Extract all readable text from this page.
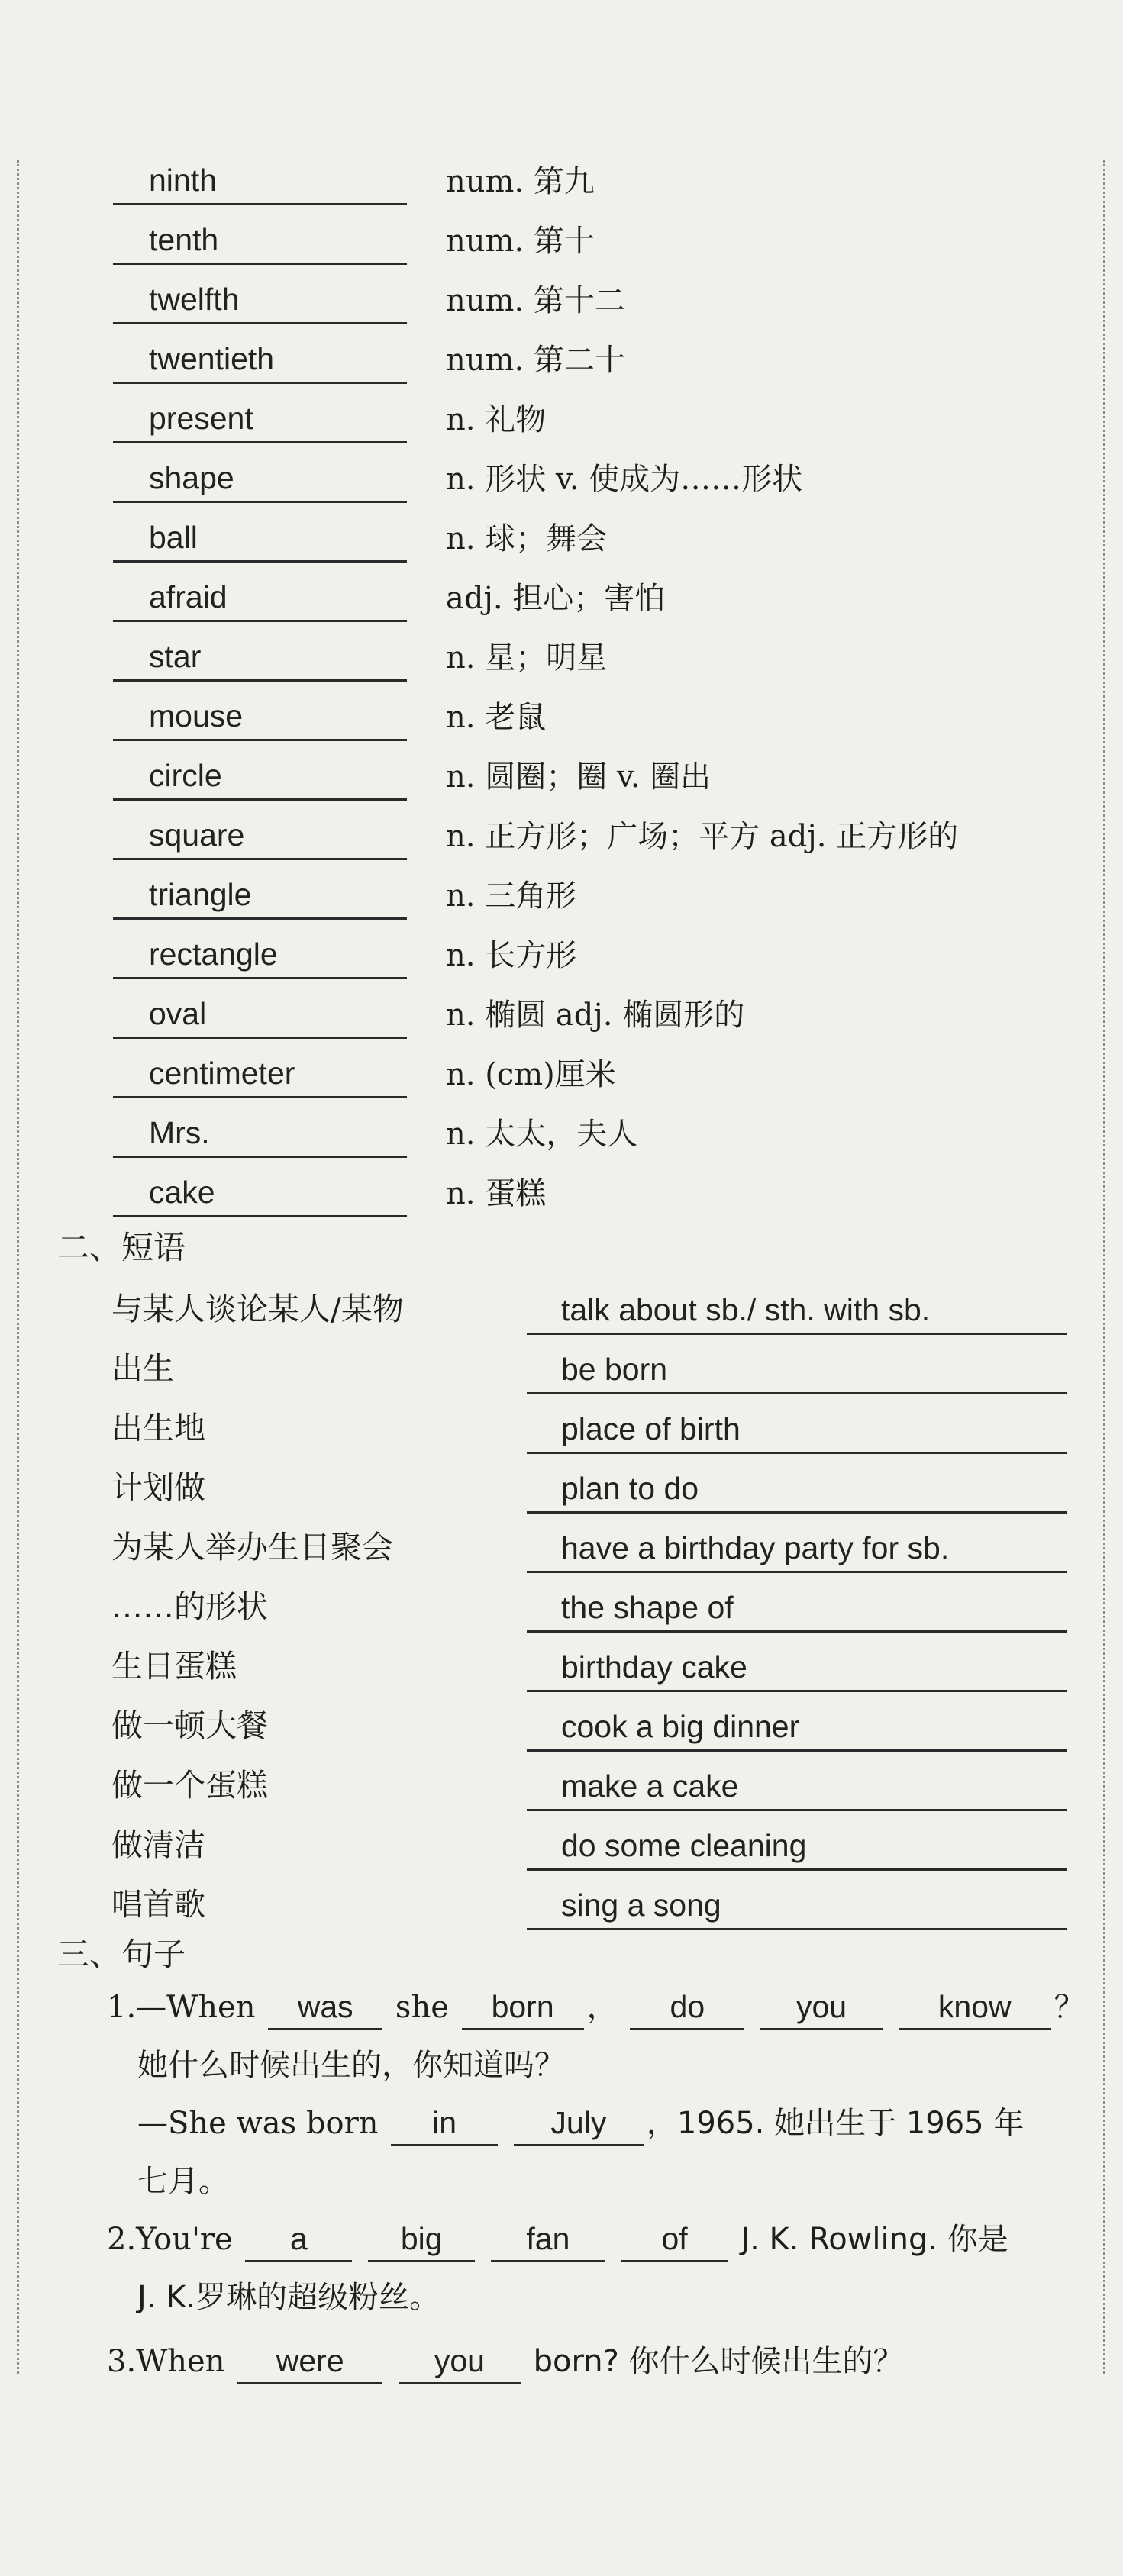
ninth	num. 第九
tenth	num. 第十
twelfth	num. 第十二
twentieth	num. 第二十
present	n. 礼物
shape	n. 形状 v. 使成为……形状
ball	n. 球；舞会
afraid	adj. 担心；害怕
star	n. 星；明星
mouse	n. 老鼠
circle	n. 圆圈；圈 v. 圈出
square	n. 正方形；广场；平方 adj. 正方形的
triangle	n. 三角形
rectangle	n. 长方形
oval	n. 椭圆 adj. 椭圆形的
centimeter	n. (cm)厘米
Mrs.	n. 太太，夫人
cake	n. 蛋糕
二、短语
与某人谈论某人/某物	talk about sb./ sth. with sb.
出生	be born
出生地	place of birth
计划做	plan to do
为某人举办生日聚会	have a birthday party for sb.
……的形状	the shape of
生日蛋糕	birthday cake
做一顿大餐	cook a big dinner
做一个蛋糕	make a cake
做清洁	do some cleaning
唱首歌	sing a song
三、句子
1.—When was she born ， do	you	know ？
她什么时候出生的，你知道吗？
—She was born in	July ，1965. 她出生于 1965 年
七月。
2.You're a	big	fan	of J. K. Rowling. 你是
J. K.罗琳的超级粉丝。
3.When were	you born? 你什么时候出生的？
